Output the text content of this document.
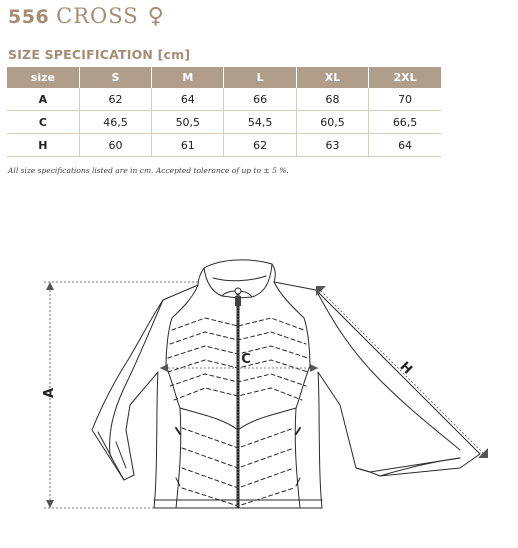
556 CROSS ♀
SIZE SPECIFICATION [cm]
size	S	M	L	XL	2XL
A	62	64	66	68	70
C	46,5	50,5	54,5	60,5	66,5
H	60	61	62	63	64
All size specifications listed are in cm. Accepted tolerance of up to ± 5 %.
A
C	H
